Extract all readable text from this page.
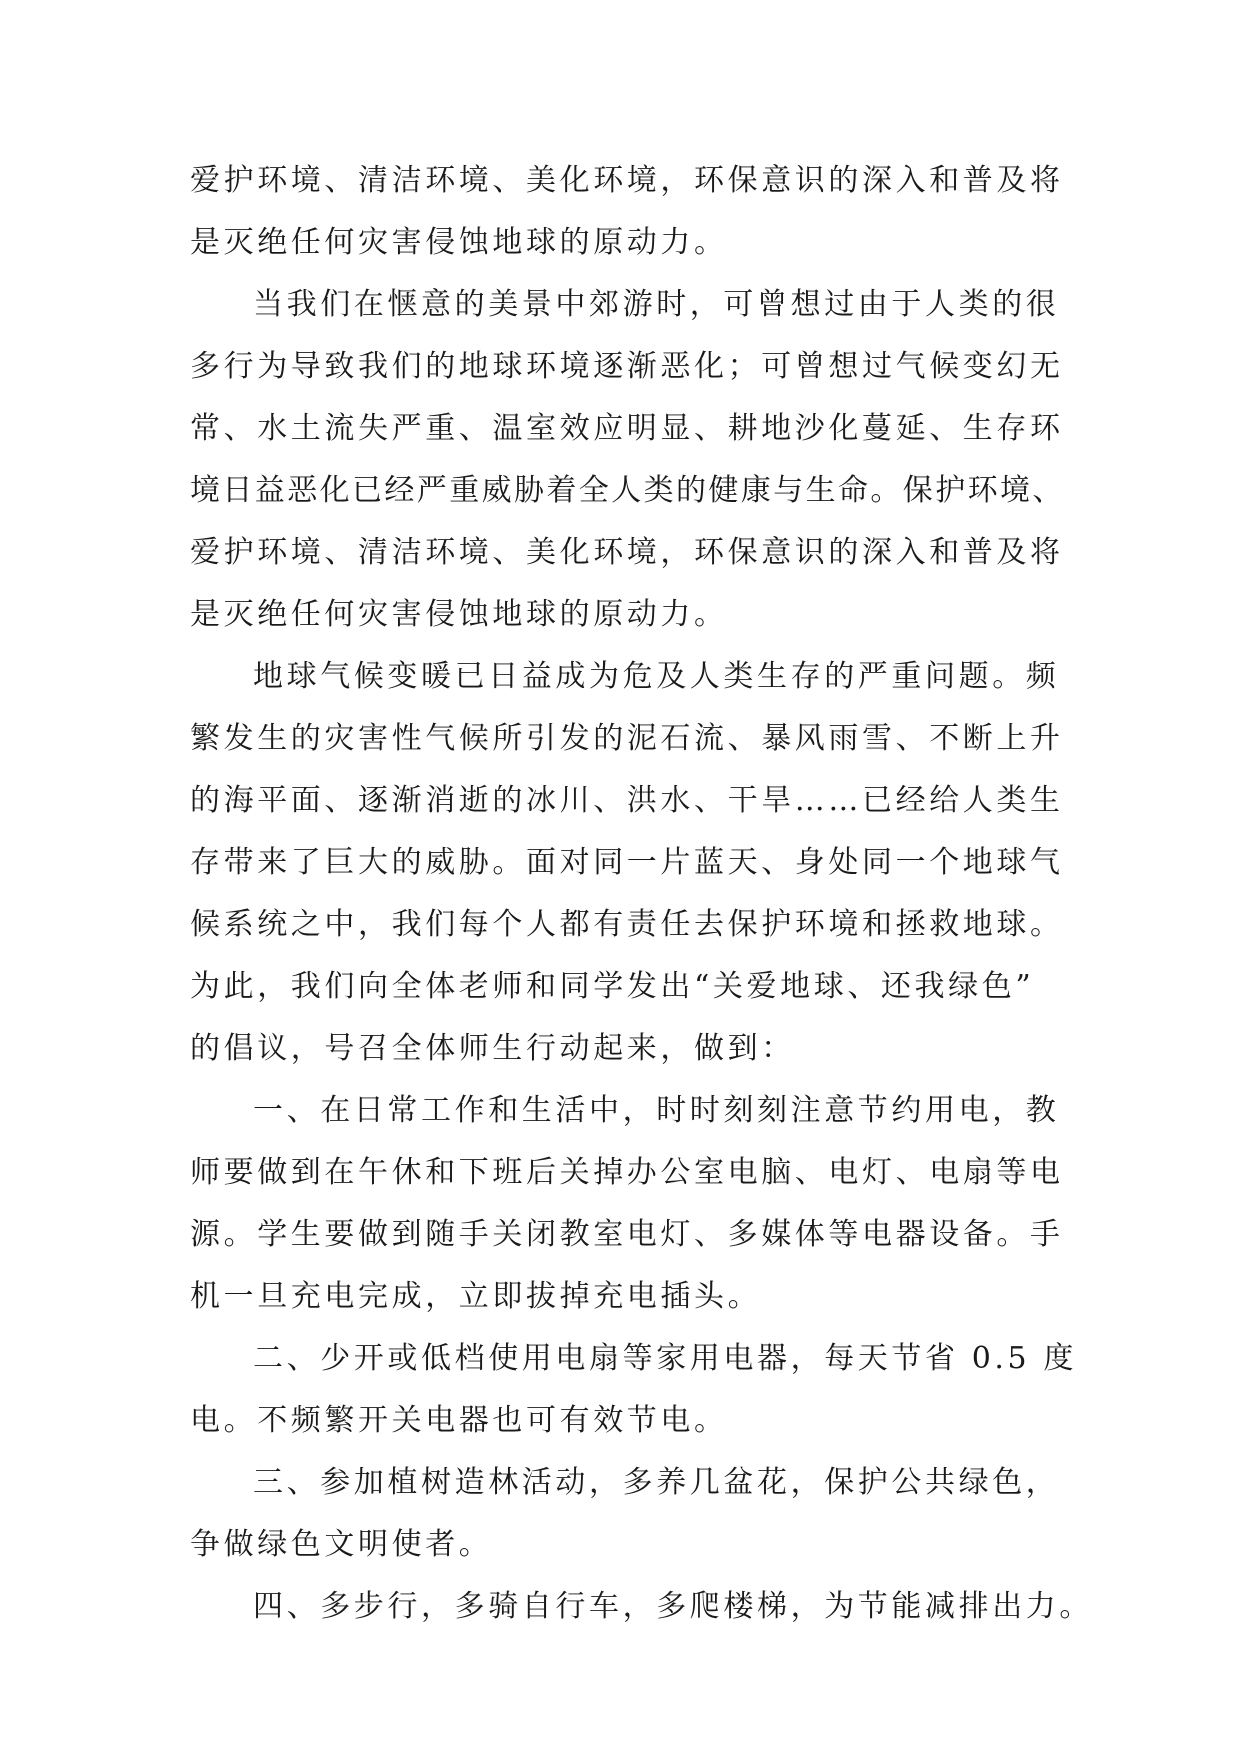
爱护环境、清洁环境、美化环境，环保意识的深入和普及将
是灭绝任何灾害侵蚀地球的原动力。
当我们在惬意的美景中郊游时，可曾想过由于人类的很
多行为导致我们的地球环境逐渐恶化；可曾想过气候变幻无
常、水土流失严重、温室效应明显、耕地沙化蔓延、生存环
境日益恶化已经严重威胁着全人类的健康与生命。保护环境、
爱护环境、清洁环境、美化环境，环保意识的深入和普及将
是灭绝任何灾害侵蚀地球的原动力。
地球气候变暖已日益成为危及人类生存的严重问题。频
繁发生的灾害性气候所引发的泥石流、暴风雨雪、不断上升
的海平面、逐渐消逝的冰川、洪水、干旱……已经给人类生
存带来了巨大的威胁。面对同一片蓝天、身处同一个地球气
候系统之中，我们每个人都有责任去保护环境和拯救地球。
为此，我们向全体老师和同学发出“关爱地球、还我绿色”
的倡议，号召全体师生行动起来，做到：
一、在日常工作和生活中，时时刻刻注意节约用电，教
师要做到在午休和下班后关掉办公室电脑、电灯、电扇等电
源。学生要做到随手关闭教室电灯、多媒体等电器设备。手
机一旦充电完成，立即拔掉充电插头。
二、少开或低档使用电扇等家用电器，每天节省 0.5 度
电。不频繁开关电器也可有效节电。
三、参加植树造林活动，多养几盆花，保护公共绿色，
争做绿色文明使者。
四、多步行，多骑自行车，多爬楼梯，为节能减排出力。
